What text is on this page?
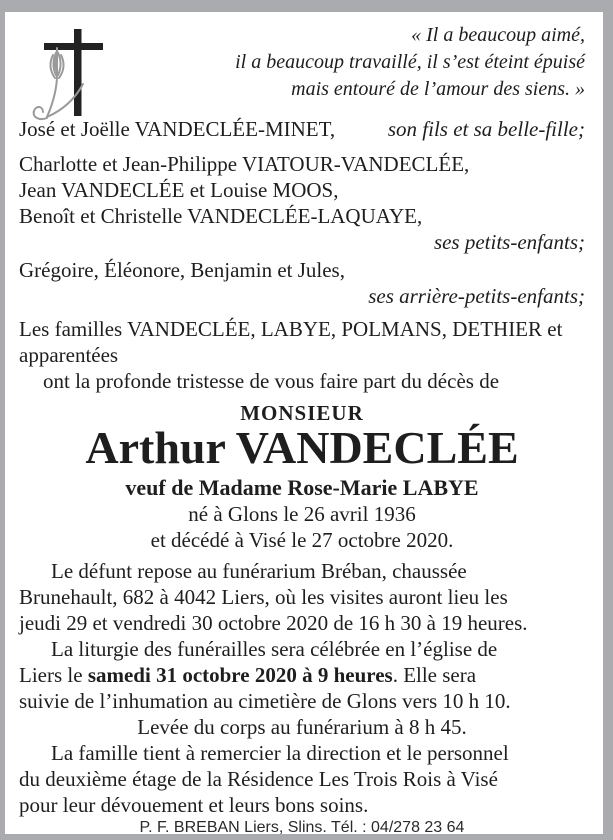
« Il a beaucoup aimé,
il a beaucoup travaillé, il s’est éteint épuisé
mais entouré de l’amour des siens. »
José et Joëlle VANDECLÉE-MINET,	son fils et sa belle-fille;
Charlotte et Jean-Philippe VIATOUR-VANDECLÉE,
Jean VANDECLÉE et Louise MOOS,
Benoît et Christelle VANDECLÉE-LAQUAYE,
ses petits-enfants;
Grégoire, Éléonore, Benjamin et Jules,
ses arrière-petits-enfants;
Les familles VANDECLÉE, LABYE, POLMANS, DETHIER et
apparentées
ont la profonde tristesse de vous faire part du décès de
MONSIEUR
Arthur VANDECLÉE
veuf de Madame Rose-Marie LABYE
né à Glons le 26 avril 1936
et décédé à Visé le 27 octobre 2020.
Le défunt repose au funérarium Bréban, chaussée
Brunehault, 682 à 4042 Liers, où les visites auront lieu les
jeudi 29 et vendredi 30 octobre 2020 de 16 h 30 à 19 heures.
La liturgie des funérailles sera célébrée en l’église de
Liers le samedi 31 octobre 2020 à 9 heures. Elle sera
suivie de l’inhumation au cimetière de Glons vers 10 h 10.
Levée du corps au funérarium à 8 h 45.
La famille tient à remercier la direction et le personnel
du deuxième étage de la Résidence Les Trois Rois à Visé
pour leur dévouement et leurs bons soins.
P. F. BREBAN Liers, Slins. Tél. : 04/278 23 64
